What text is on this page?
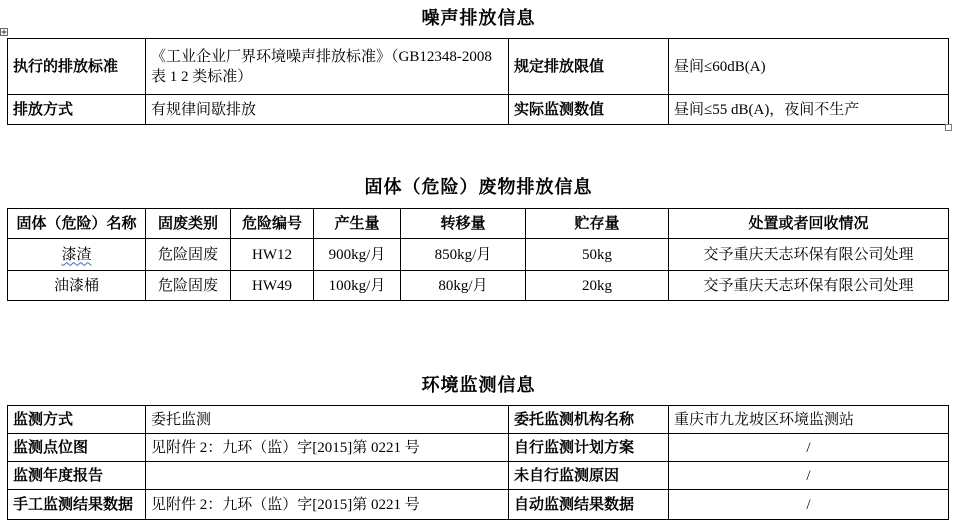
噪声排放信息
执行的排放标准	《工业企业厂界环境噪声排放标准》（GB12348-2008 表 1 2 类标准）	规定排放限值	昼间≤60dB(A)
排放方式	有规律间歇排放	实际监测数值	昼间≤55 dB(A)，夜间不生产
固体（危险）废物排放信息
固体（危险）名称	固废类别	危险编号	产生量	转移量	贮存量	处置或者回收情况
漆渣	危险固废	HW12	900kg/月	850kg/月	50kg	交予重庆天志环保有限公司处理
油漆桶	危险固废	HW49	100kg/月	80kg/月	20kg	交予重庆天志环保有限公司处理
环境监测信息
监测方式	委托监测	委托监测机构名称	重庆市九龙坡区环境监测站
监测点位图	见附件 2：九环（监）字[2015]第 0221 号	自行监测计划方案	/
监测年度报告		未自行监测原因	/
手工监测结果数据	见附件 2：九环（监）字[2015]第 0221 号	自动监测结果数据	/
